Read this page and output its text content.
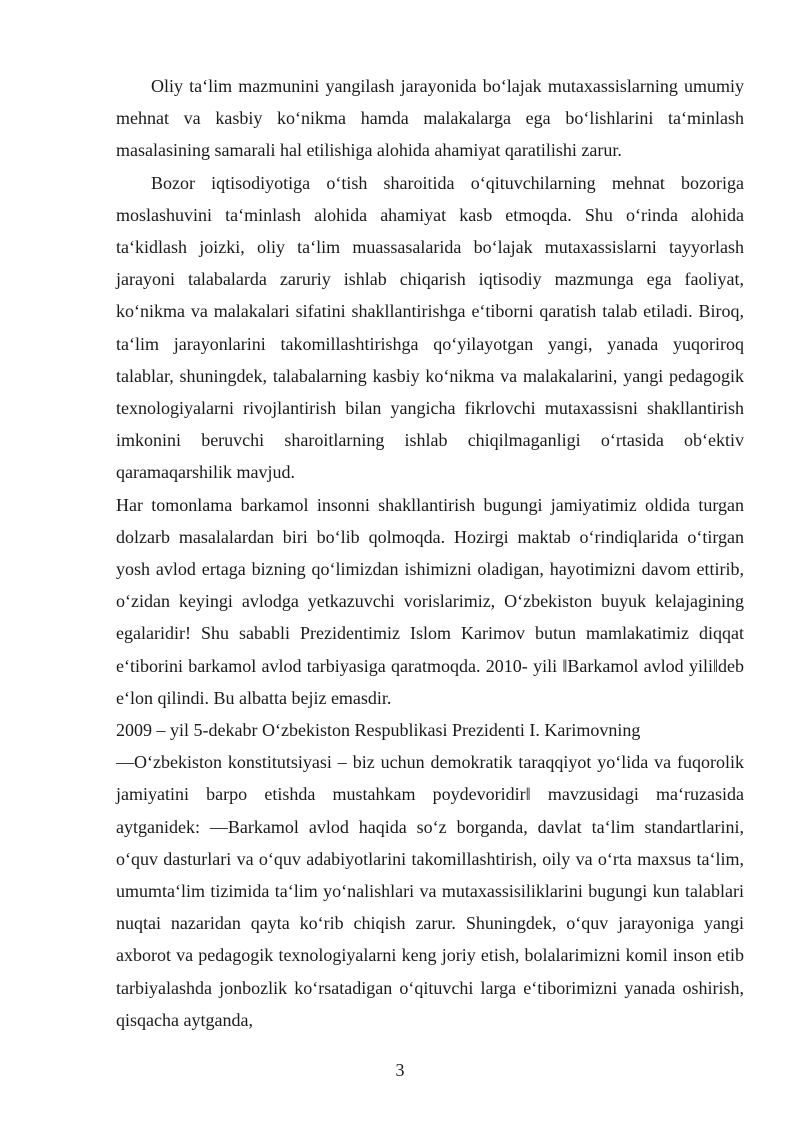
Oliy ta‘lim mazmunini yangilash jarayonida bo‘lajak mutaxassislarning umumiy mehnat va kasbiy ko‘nikma hamda malakalarga ega bo‘lishlarini ta‘minlash masalasining samarali hal etilishiga alohida ahamiyat qaratilishi zarur.

Bozor iqtisodiyotiga o‘tish sharoitida o‘qituvchilarning mehnat bozoriga moslashuvini ta‘minlash alohida ahamiyat kasb etmoqda. Shu o‘rinda alohida ta‘kidlash joizki, oliy ta‘lim muassasalarida bo‘lajak mutaxassislarni tayyorlash jarayoni talabalarda zaruriy ishlab chiqarish iqtisodiy mazmunga ega faoliyat, ko‘nikma va malakalari sifatini shakllantirishga e‘tiborni qaratish talab etiladi. Biroq, ta‘lim jarayonlarini takomillashtirishga qo‘yilayotgan yangi, yanada yuqoriroq talablar, shuningdek, talabalarning kasbiy ko‘nikma va malakalarini, yangi pedagogik texnologiyalarni rivojlantirish bilan yangicha fikrlovchi mutaxassisni shakllantirish imkonini beruvchi sharoitlarning ishlab chiqilmaganligi o‘rtasida ob‘ektiv qaramaqarshilik mavjud.

Har tomonlama barkamol insonni shakllantirish bugungi jamiyatimiz oldida turgan dolzarb masalalardan biri bo‘lib qolmoqda. Hozirgi maktab o‘rindiqlarida o‘tirgan yosh avlod ertaga bizning qo‘limizdan ishimizni oladigan, hayotimizni davom ettirib, o‘zidan keyingi avlodga yetkazuvchi vorislarimiz, O‘zbekiston buyuk kelajagining egalaridir! Shu sababli Prezidentimiz Islom Karimov butun mamlakatimiz diqqat e‘tiborini barkamol avlod tarbiyasiga qaratmoqda. 2010- yili ‖Barkamol avlod yili‖deb e‘lon qilindi. Bu albatta bejiz emasdir.

2009 – yil 5-dekabr O‘zbekiston Respublikasi Prezidenti I. Karimovning

―O‘zbekiston konstitutsiyasi – biz uchun demokratik taraqqiyot yo‘lida va fuqorolik jamiyatini barpo etishda mustahkam poydevoridir‖ mavzusidagi ma‘ruzasida aytganidek: ―Barkamol avlod haqida so‘z borganda, davlat ta‘lim standartlarini, o‘quv dasturlari va o‘quv adabiyotlarini takomillashtirish, oily va o‘rta maxsus ta‘lim, umumta‘lim tizimida ta‘lim yo‘nalishlari va mutaxassisiliklarini bugungi kun talablari nuqtai nazaridan qayta ko‘rib chiqish zarur. Shuningdek, o‘quv jarayoniga yangi axborot va pedagogik texnologiyalarni keng joriy etish, bolalarimizni komil inson etib tarbiyalashda jonbozlik ko‘rsatadigan o‘qituvchi larga e‘tiborimizni yanada oshirish, qisqacha aytganda,

3
